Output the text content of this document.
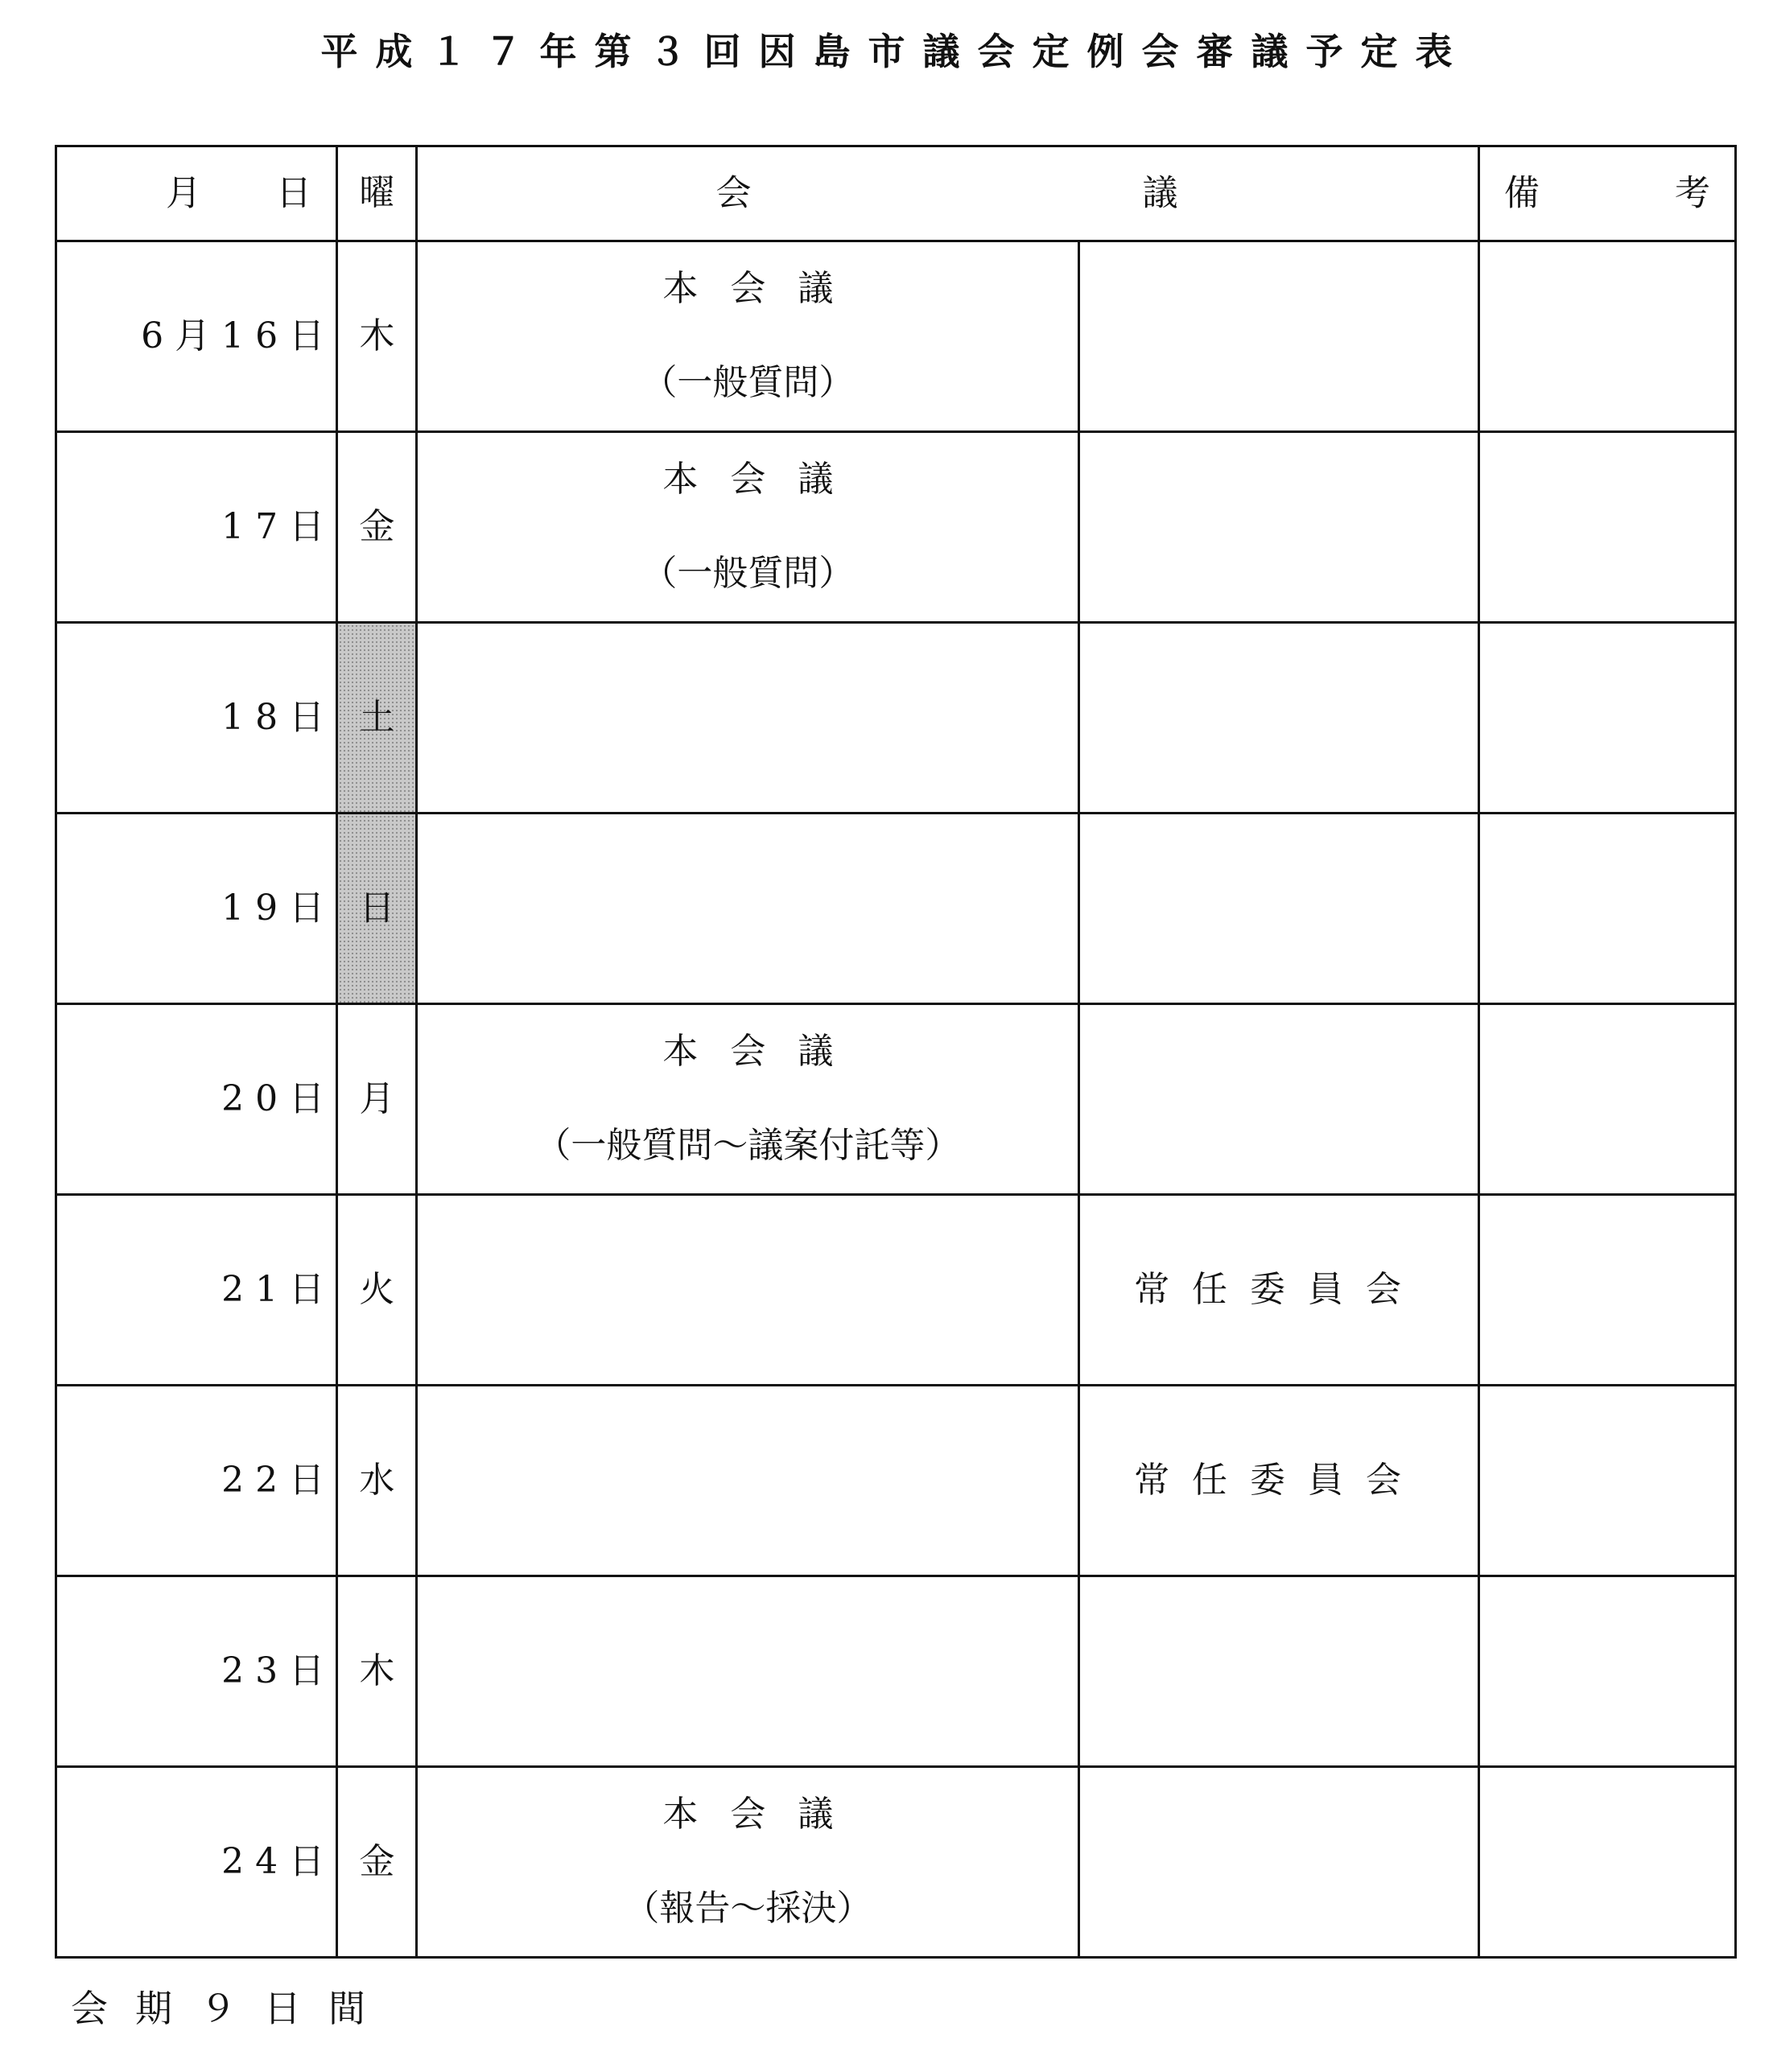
平成１７年第３回因島市議会定例会審議予定表
月 日	曜	会 議		備 考

6月16日	木	本会議
（一般質問）		

17日	金	本会議
（一般質問）		

18日	土			
19日	日			
20日	月	本会議
（一般質問～議案付託等）		

21日	火		常任委員会	
22日	水		常任委員会	
23日	木			
24日	金	本会議
（報告～採決）		

会期９日間
